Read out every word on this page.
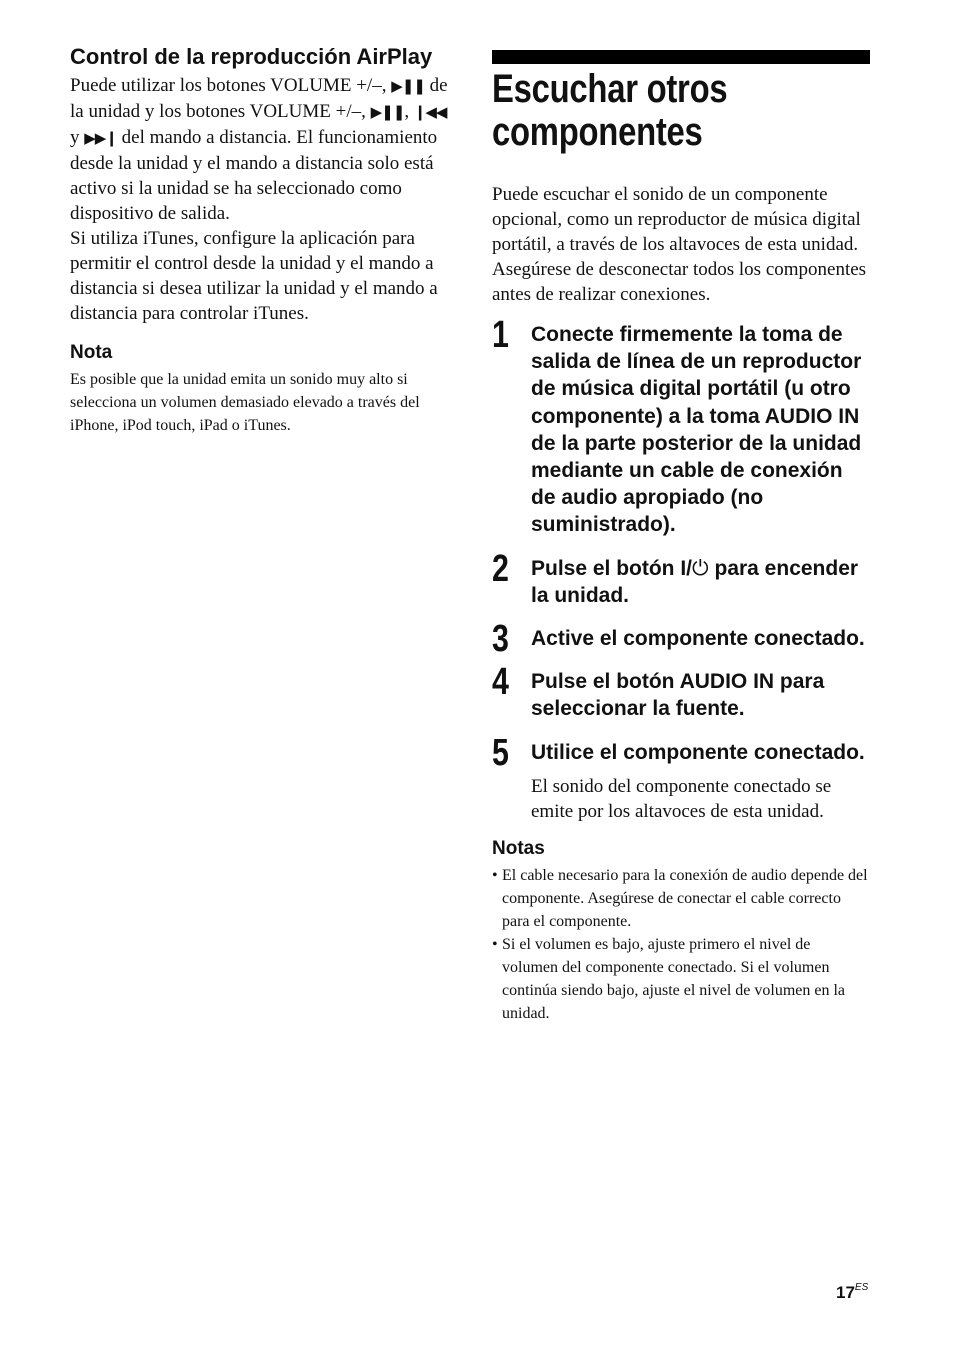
Control de la reproducción AirPlay

Puede utilizar los botones VOLUME +/–, ▶❚❚ de la unidad y los botones VOLUME +/–, ▶❚❚, ❙◀◀ y ▶▶❙ del mando a distancia. El funcionamiento desde la unidad y el mando a distancia solo está activo si la unidad se ha seleccionado como dispositivo de salida.

Si utiliza iTunes, configure la aplicación para permitir el control desde la unidad y el mando a distancia si desea utilizar la unidad y el mando a distancia para controlar iTunes.

Nota

Es posible que la unidad emita un sonido muy alto si selecciona un volumen demasiado elevado a través del iPhone, iPod touch, iPad o iTunes.

Escuchar otros componentes

Puede escuchar el sonido de un componente opcional, como un reproductor de música digital portátil, a través de los altavoces de esta unidad. Asegúrese de desconectar todos los componentes antes de realizar conexiones.

1 Conecte firmemente la toma de salida de línea de un reproductor de música digital portátil (u otro componente) a la toma AUDIO IN de la parte posterior de la unidad mediante un cable de conexión de audio apropiado (no suministrado).

2 Pulse el botón I/⏻ para encender la unidad.

3 Active el componente conectado.

4 Pulse el botón AUDIO IN para seleccionar la fuente.

5 Utilice el componente conectado.

El sonido del componente conectado se emite por los altavoces de esta unidad.

Notas
• El cable necesario para la conexión de audio depende del componente. Asegúrese de conectar el cable correcto para el componente.
• Si el volumen es bajo, ajuste primero el nivel de volumen del componente conectado. Si el volumen continúa siendo bajo, ajuste el nivel de volumen en la unidad.
$17^{ES}$
